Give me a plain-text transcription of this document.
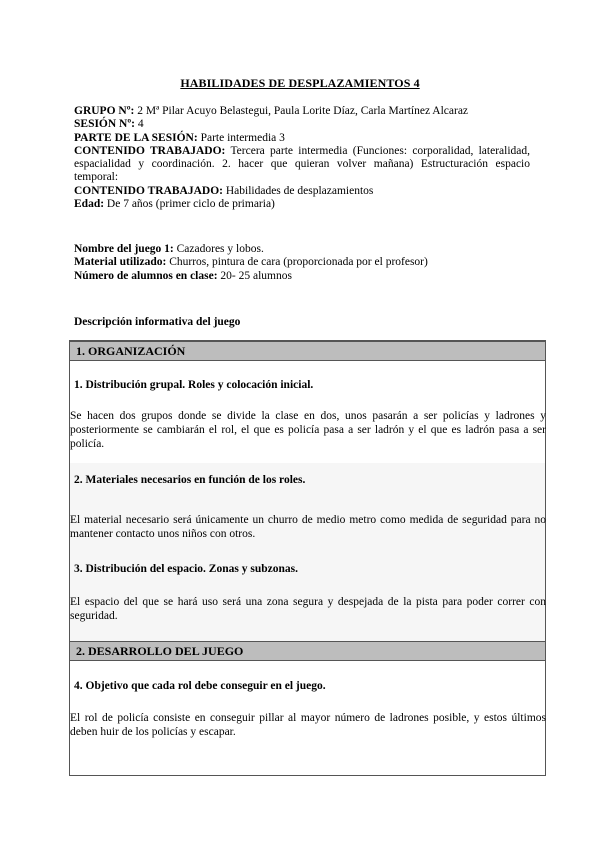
HABILIDADES DE DESPLAZAMIENTOS 4

GRUPO Nº: 2 Mª Pilar Acuyo Belastegui, Paula Lorite Díaz, Carla Martínez Alcaraz

SESIÓN Nº: 4

PARTE DE LA SESIÓN: Parte intermedia 3

CONTENIDO TRABAJADO: Tercera parte intermedia (Funciones: corporalidad, lateralidad, espacialidad y coordinación. 2. hacer que quieran volver mañana) Estructuración espacio temporal:

CONTENIDO TRABAJADO: Habilidades de desplazamientos

Edad: De 7 años (primer ciclo de primaria)

Nombre del juego 1: Cazadores y lobos.

Material utilizado: Churros, pintura de cara (proporcionada por el profesor)

Número de alumnos en clase: 20- 25 alumnos

Descripción informativa del juego
1. ORGANIZACIÓN
1. Distribución grupal. Roles y colocación inicial.
Se hacen dos grupos donde se divide la clase en dos, unos pasarán a ser policías y ladrones y posteriormente se cambiarán el rol, el que es policía pasa a ser ladrón y el que es ladrón pasa a ser policía.
2. Materiales necesarios en función de los roles.
El material necesario será únicamente un churro de medio metro como medida de seguridad para no mantener contacto unos niños con otros.
3. Distribución del espacio. Zonas y subzonas.
El espacio del que se hará uso será una zona segura y despejada de la pista para poder correr con seguridad.
2. DESARROLLO DEL JUEGO
4. Objetivo que cada rol debe conseguir en el juego.
El rol de policía consiste en conseguir pillar al mayor número de ladrones posible, y estos últimos deben huir de los policías y escapar.
